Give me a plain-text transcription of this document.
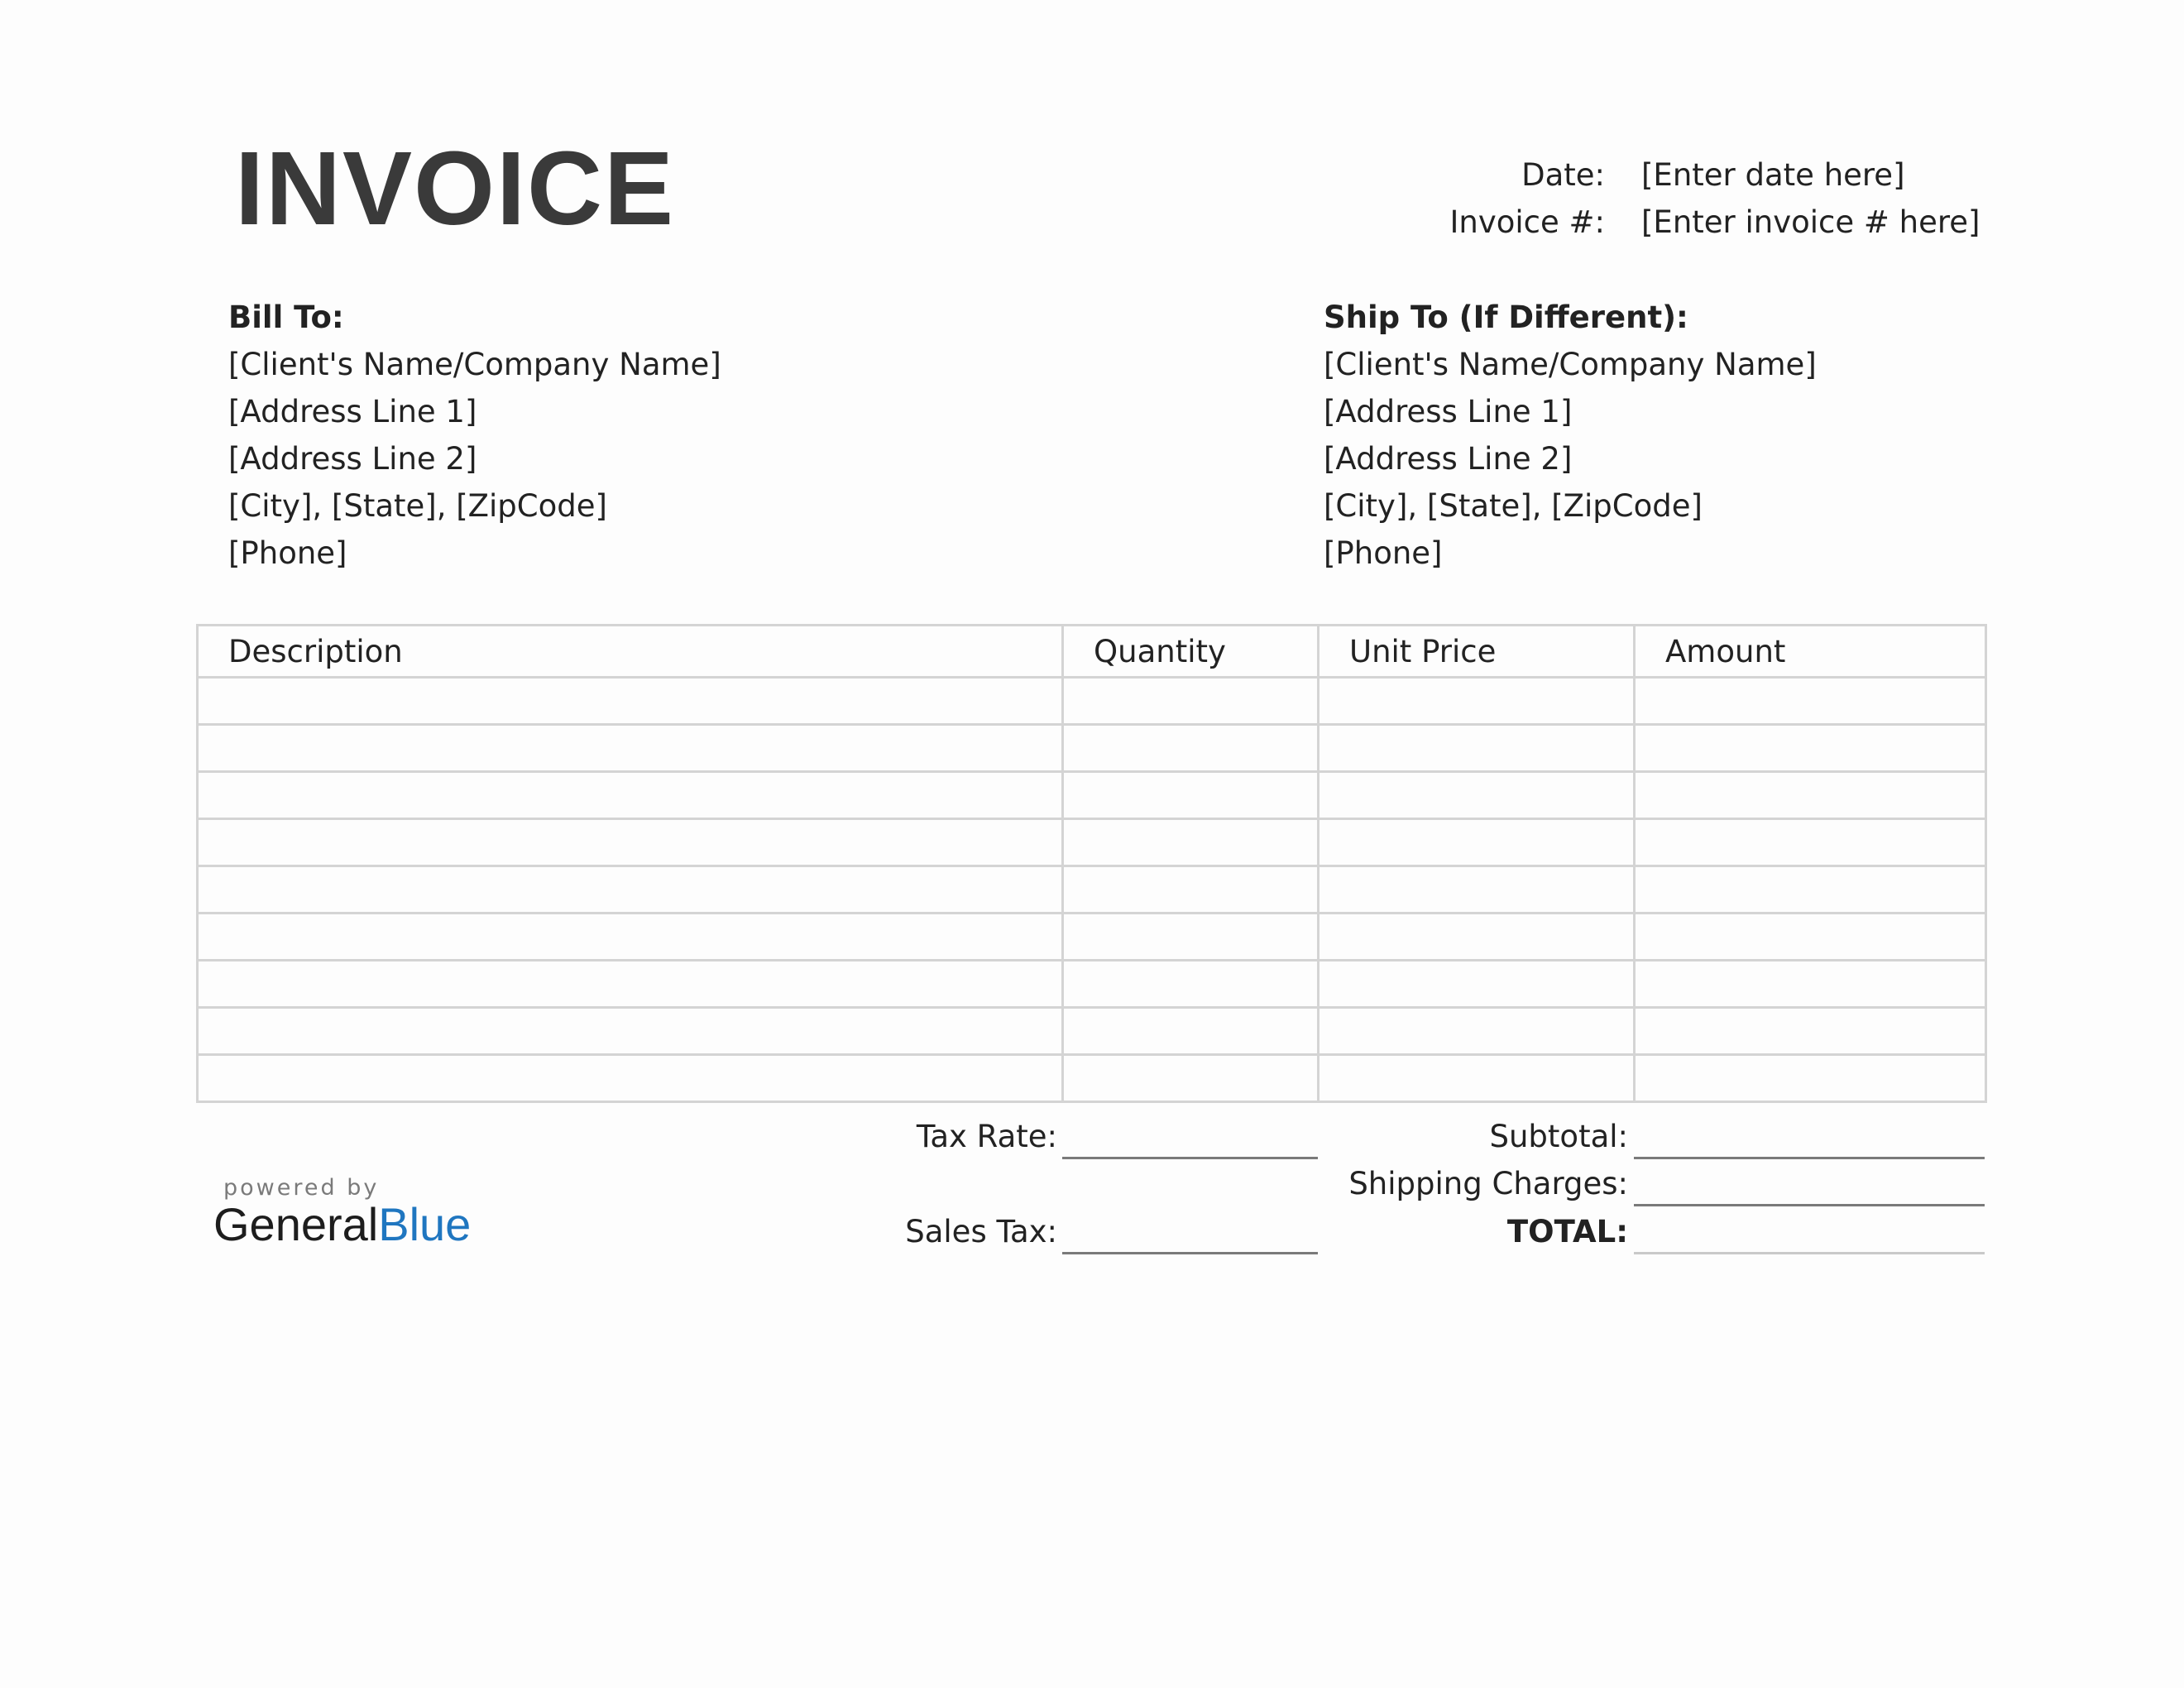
INVOICE	Date: [Enter date here]
Invoice #: [Enter invoice # here]
Bill To:
[Client's Name/Company Name]
[Address Line 1]
[Address Line 2]
[City], [State], [ZipCode]
[Phone]
Ship To (If Different):
[Client's Name/Company Name]
[Address Line 1]
[Address Line 2]
[City], [State], [ZipCode]
[Phone]
Description	Quantity	Unit Price	Amount

Tax Rate:
Sales Tax:
Subtotal:
Shipping Charges:
TOTAL:
powered by
GeneralBlue
